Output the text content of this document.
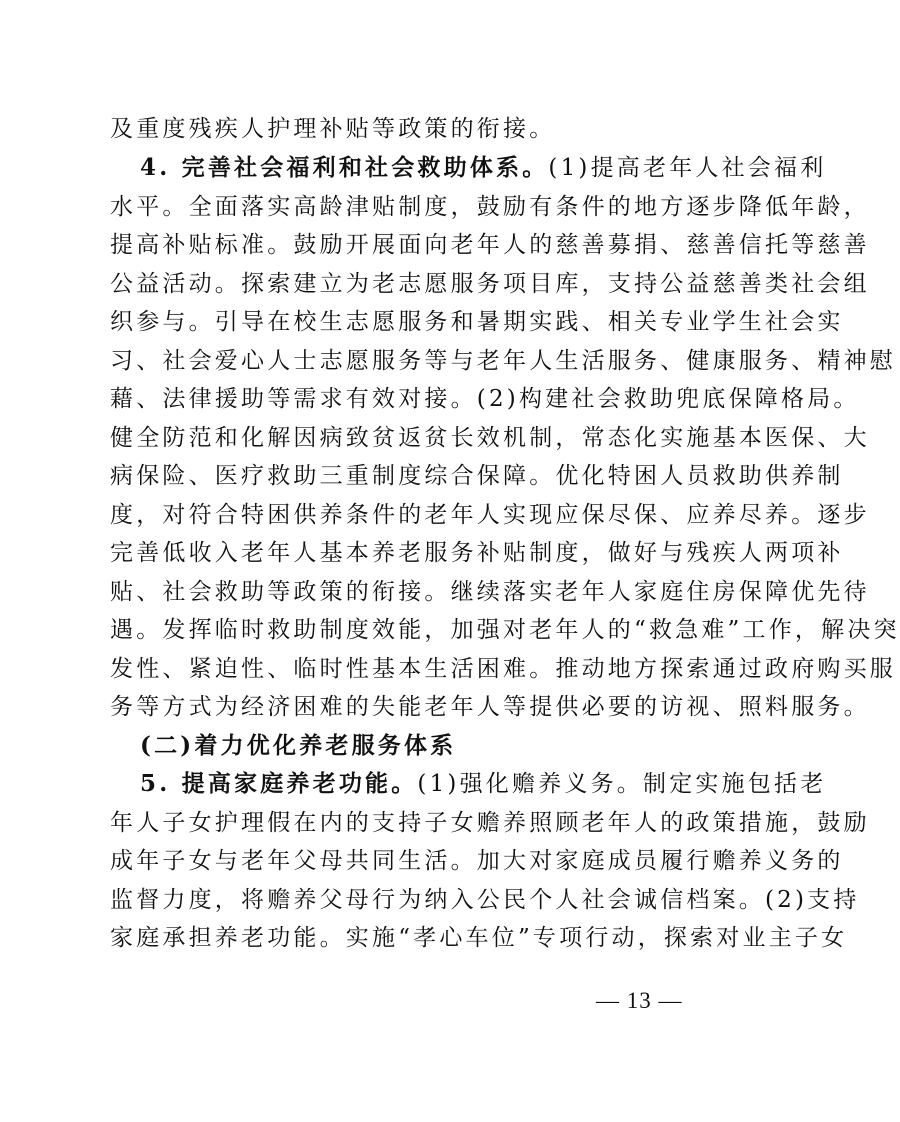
及重度残疾人护理补贴等政策的衔接。
4. 完善社会福利和社会救助体系。(1)提高老年人社会福利
水平。全面落实高龄津贴制度，鼓励有条件的地方逐步降低年龄，
提高补贴标准。鼓励开展面向老年人的慈善募捐、慈善信托等慈善
公益活动。探索建立为老志愿服务项目库，支持公益慈善类社会组
织参与。引导在校生志愿服务和暑期实践、相关专业学生社会实
习、社会爱心人士志愿服务等与老年人生活服务、健康服务、精神慰
藉、法律援助等需求有效对接。(2)构建社会救助兜底保障格局。
健全防范和化解因病致贫返贫长效机制，常态化实施基本医保、大
病保险、医疗救助三重制度综合保障。优化特困人员救助供养制
度，对符合特困供养条件的老年人实现应保尽保、应养尽养。逐步
完善低收入老年人基本养老服务补贴制度，做好与残疾人两项补
贴、社会救助等政策的衔接。继续落实老年人家庭住房保障优先待
遇。发挥临时救助制度效能，加强对老年人的“救急难”工作，解决突
发性、紧迫性、临时性基本生活困难。推动地方探索通过政府购买服
务等方式为经济困难的失能老年人等提供必要的访视、照料服务。
(二)着力优化养老服务体系
5. 提高家庭养老功能。(1)强化赡养义务。制定实施包括老
年人子女护理假在内的支持子女赡养照顾老年人的政策措施，鼓励
成年子女与老年父母共同生活。加大对家庭成员履行赡养义务的
监督力度，将赡养父母行为纳入公民个人社会诚信档案。(2)支持
家庭承担养老功能。实施“孝心车位”专项行动，探索对业主子女
— 13 —
